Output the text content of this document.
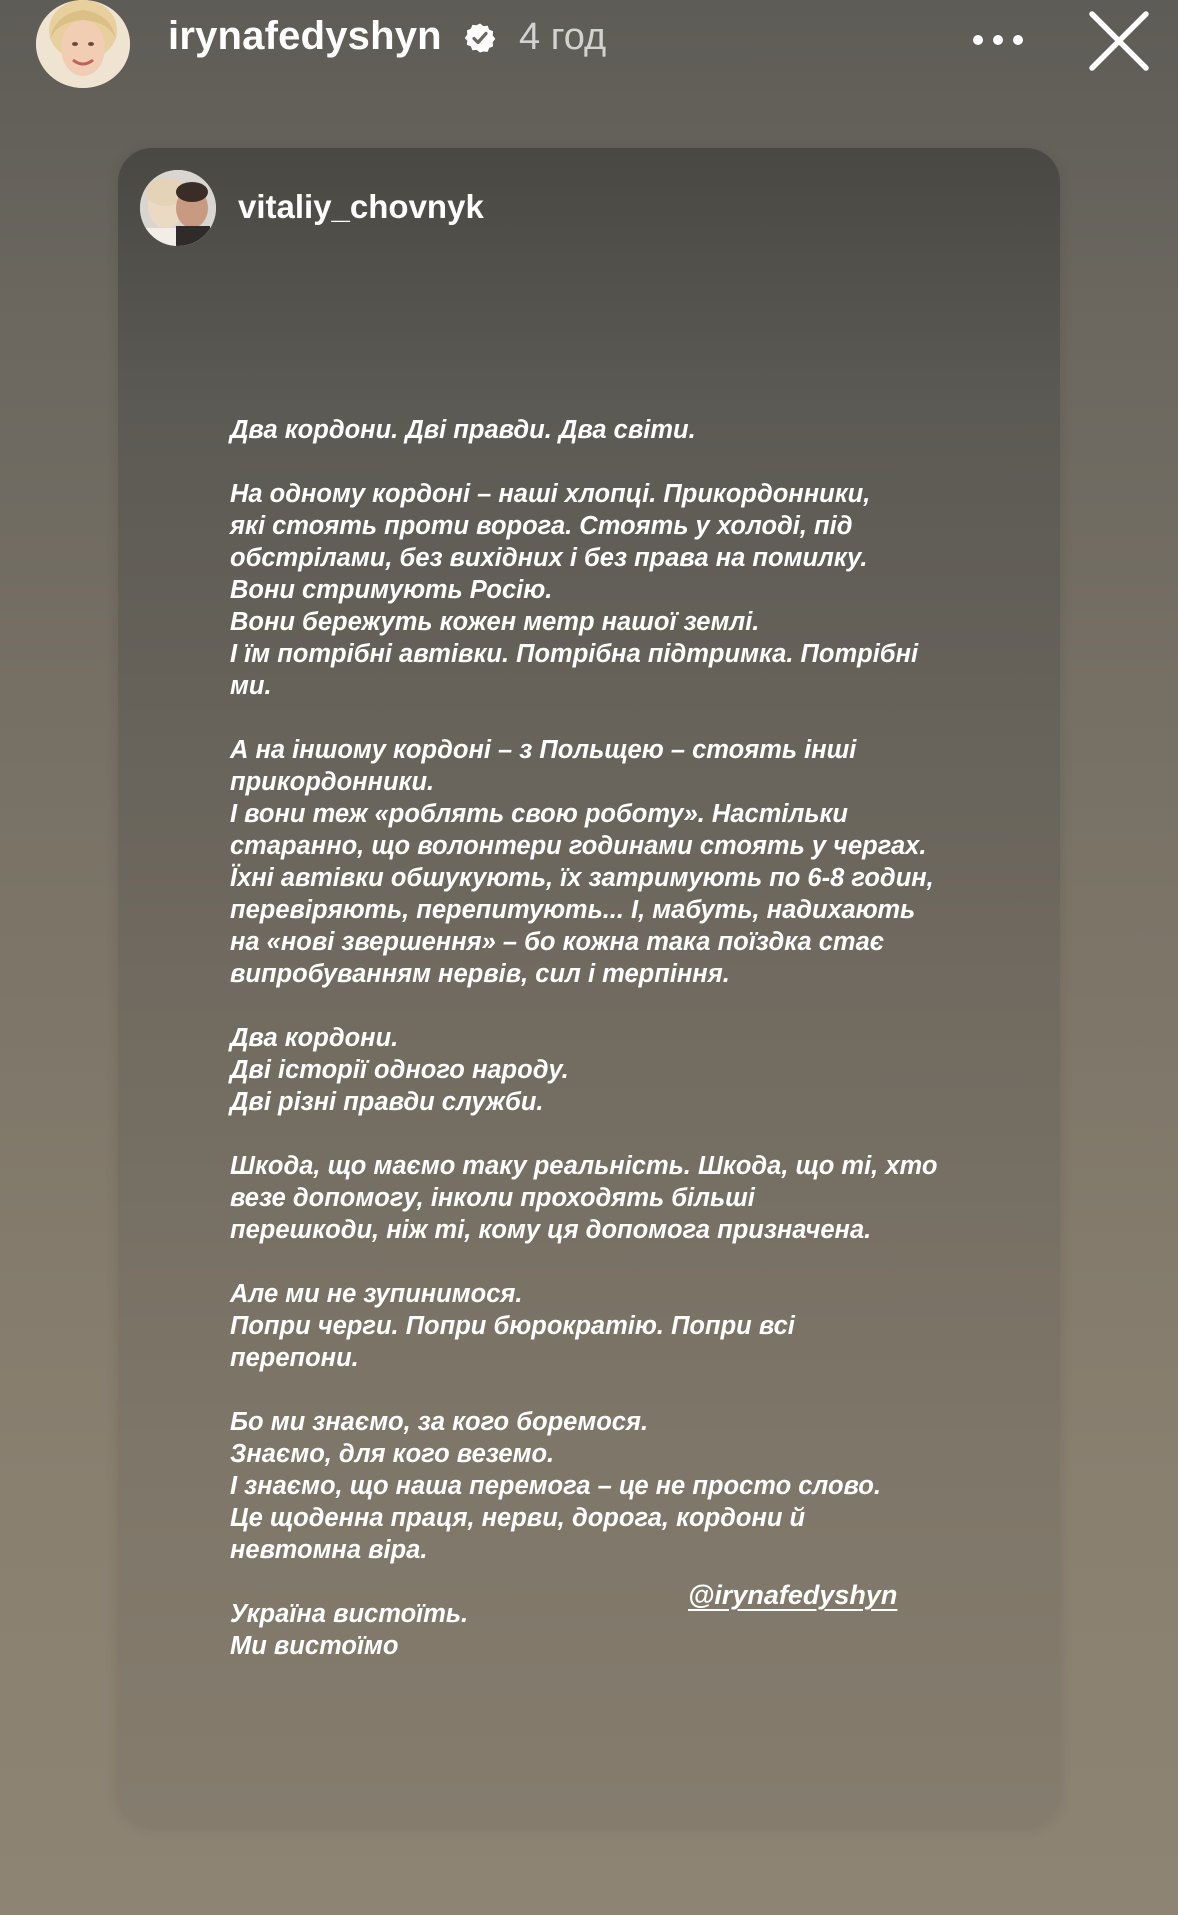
irynafedyshyn 4 год
vitaliy_chovnyk

Два кордони. Дві правди. Два світи.

На одному кордоні – наші хлопці. Прикордонники,
які стоять проти ворога. Стоять у холоді, під
обстрілами, без вихідних і без права на помилку.
Вони стримують Росію.
Вони бережуть кожен метр нашої землі.
І їм потрібні автівки. Потрібна підтримка. Потрібні
ми.

А на іншому кордоні – з Польщею – стоять інші
прикордонники.
І вони теж «роблять свою роботу». Настільки
старанно, що волонтери годинами стоять у чергах.
Їхні автівки обшукують, їх затримують по 6-8 годин,
перевіряють, перепитують... І, мабуть, надихають
на «нові звершення» – бо кожна така поїздка стає
випробуванням нервів, сил і терпіння.

Два кордони.
Дві історії одного народу.
Дві різні правди служби.

Шкода, що маємо таку реальність. Шкода, що ті, хто
везе допомогу, інколи проходять більші
перешкоди, ніж ті, кому ця допомога призначена.

Але ми не зупинимося.
Попри черги. Попри бюрократію. Попри всі
перепони.

Бо ми знаємо, за кого боремося.
Знаємо, для кого веземо.
І знаємо, що наша перемога – це не просто слово.
Це щоденна праця, нерви, дорога, кордони й
невтомна віра.

Україна вистоїть.
Ми вистоїмо

@irynafedyshyn
